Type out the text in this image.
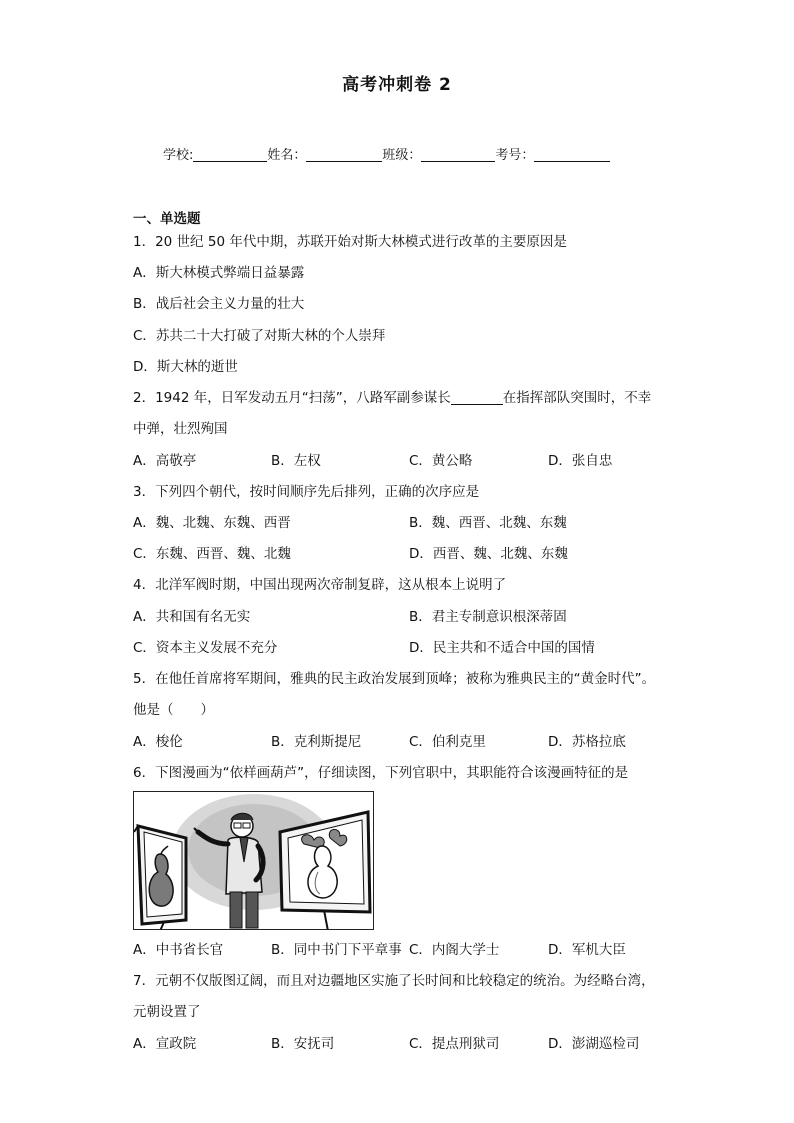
高考冲刺卷 2
学校:	姓名：	班级：	考号：
一、单选题
1．20 世纪 50 年代中期，苏联开始对斯大林模式进行改革的主要原因是
A．斯大林模式弊端日益暴露
B．战后社会主义力量的壮大
C．苏共二十大打破了对斯大林的个人崇拜
D．斯大林的逝世
2．1942 年，日军发动五月“扫荡”，八路军副参谋长	在指挥部队突围时，不幸
中弹，壮烈殉国
A．高敬亭	B．左权	C．黄公略	D．张自忠
3．下列四个朝代，按时间顺序先后排列，正确的次序应是
A．魏、北魏、东魏、西晋	B．魏、西晋、北魏、东魏
C．东魏、西晋、魏、北魏	D．西晋、魏、北魏、东魏
4．北洋军阀时期，中国出现两次帝制复辟，这从根本上说明了
A．共和国有名无实	B．君主专制意识根深蒂固
C．资本主义发展不充分	D．民主共和不适合中国的国情
5．在他任首席将军期间，雅典的民主政治发展到顶峰；被称为雅典民主的“黄金时代”。
他是（　　）
A．梭伦	B．克利斯提尼	C．伯利克里	D．苏格拉底
6．下图漫画为“依样画葫芦”，仔细读图，下列官职中，其职能符合该漫画特征的是
A．中书省长官	B．同中书门下平章事 C．内阁大学士	D．军机大臣
7．元朝不仅版图辽阔，而且对边疆地区实施了长时间和比较稳定的统治。为经略台湾，
元朝设置了
A．宣政院	B．安抚司	C．提点刑狱司	D．澎湖巡检司
